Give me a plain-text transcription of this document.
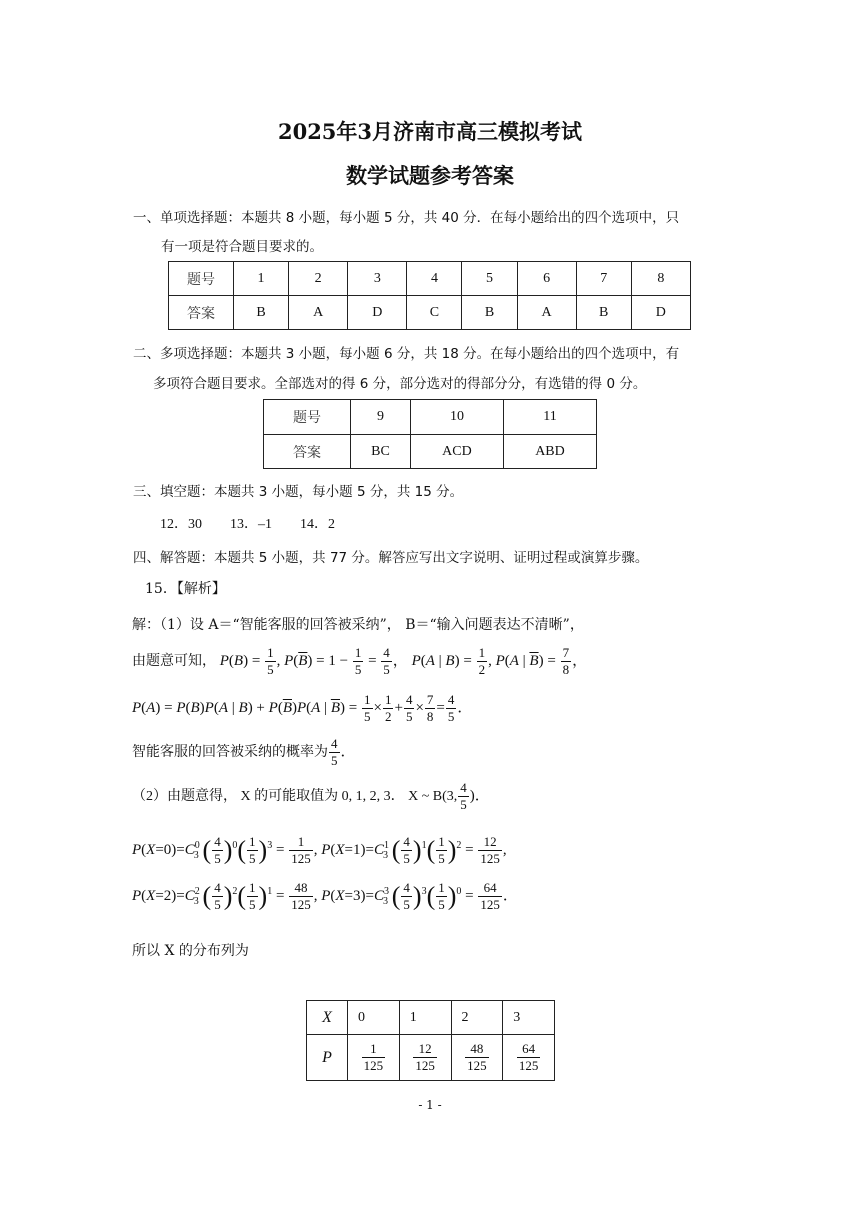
2025年3月济南市高三模拟考试
数学试题参考答案
一、单项选择题：本题共 8 小题，每小题 5 分，共 40 分．在每小题给出的四个选项中，只
有一项是符合题目要求的。
题号	1	2	3	4	5	6	7	8
答案	B	A	D	C	B	A	B	D
二、多项选择题：本题共 3 小题，每小题 6 分，共 18 分。在每小题给出的四个选项中，有
多项符合题目要求。全部选对的得 6 分，部分选对的得部分分，有选错的得 0 分。
题号	9	10	11
答案	BC	ACD	ABD
三、填空题：本题共 3 小题，每小题 5 分，共 15 分。
12．30　　13．–1　　14．2
四、解答题：本题共 5 小题，共 77 分。解答应写出文字说明、证明过程或演算步骤。
15．【解析】
解：（1）设 A＝“智能客服的回答被采纳”， B＝“输入问题表达不清晰”，
由题意可知， $P(B) = \frac{1}{5}$ , $P(\overline{B}) = 1 - \frac{1}{5} = \frac{4}{5}$ ， P(A | $B) = \frac{1}{2}$ , P(A | $\overline{B}) = \frac{7}{8}$ ，
P(A) = P(B)P(A | $B) + P(\overline{B})P(A$ | $\overline{B}) = \frac{1}{5} \times \frac{1}{2} + \frac{4}{5} \times \frac{7}{8} = \frac{4}{5}$ ．
智能客服的回答被采纳的概率为 $\frac{4}{5}$ ．
（2）由题意得， X 的可能取值为 0, 1, 2, 3． X ~ B(3, $\frac{4}{5}$ )．
$P(X=0)=C^0_3$ ( $\frac{4}{5} )^0( \frac{1}{5} )^3 = \frac{1}{125}$ , $P(X=1)=C^1_3$ ( $\frac{4}{5} )^1( \frac{1}{5} )^2 = \frac{12}{125}$ ,
$P(X=2)=C^2_3$ ( $\frac{4}{5} )^2( \frac{1}{5} )^1 = \frac{48}{125}$ , $P(X=3)=C^3_3$ ( $\frac{4}{5} )^3( \frac{1}{5} )^0 = \frac{64}{125}$ ．
所以 X 的分布列为
X	0	1	2	3
P	$\frac{1}{125}$	$\frac{12}{125}$	$\frac{48}{125}$	$\frac{64}{125}$
- 1 -
